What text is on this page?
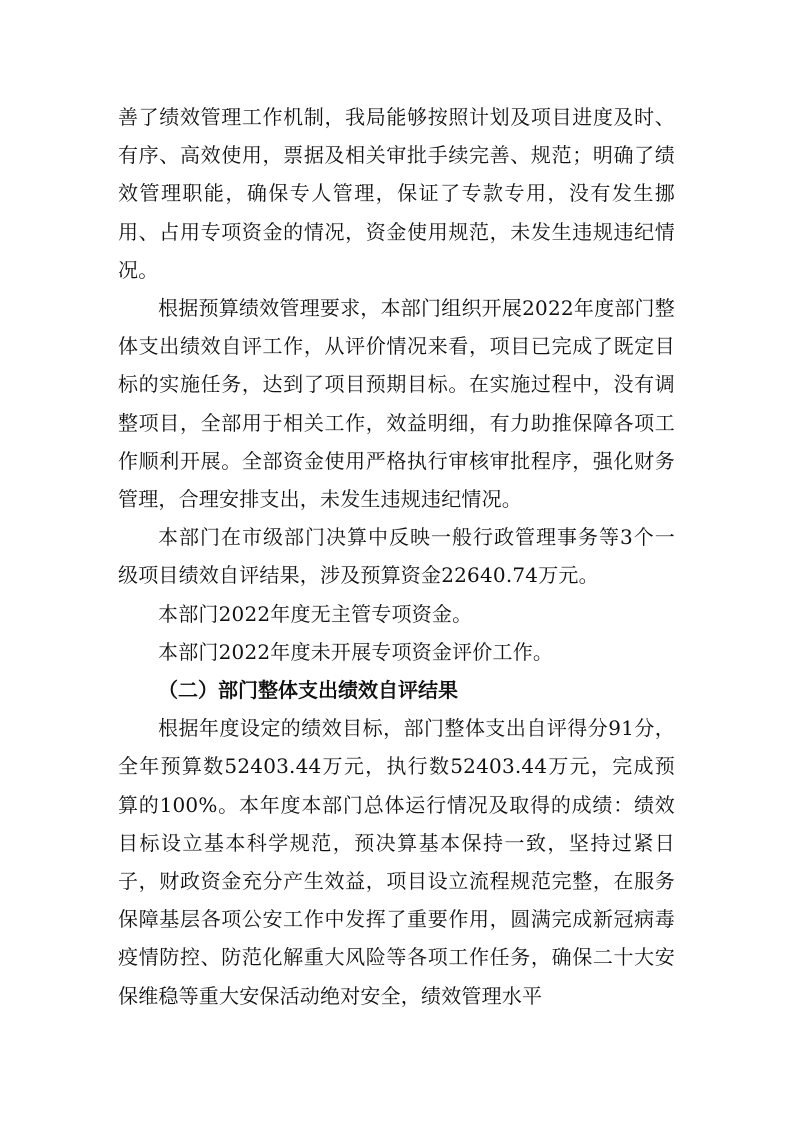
善了绩效管理工作机制，我局能够按照计划及项目进度及时、有序、高效使用，票据及相关审批手续完善、规范；明确了绩效管理职能，确保专人管理，保证了专款专用，没有发生挪用、占用专项资金的情况，资金使用规范，未发生违规违纪情况。

根据预算绩效管理要求，本部门组织开展2022年度部门整体支出绩效自评工作，从评价情况来看，项目已完成了既定目标的实施任务，达到了项目预期目标。在实施过程中，没有调整项目，全部用于相关工作，效益明细，有力助推保障各项工作顺利开展。全部资金使用严格执行审核审批程序，强化财务管理，合理安排支出，未发生违规违纪情况。

本部门在市级部门决算中反映一般行政管理事务等3个一级项目绩效自评结果，涉及预算资金22640.74万元。

本部门2022年度无主管专项资金。

本部门2022年度未开展专项资金评价工作。

（二）部门整体支出绩效自评结果

根据年度设定的绩效目标，部门整体支出自评得分91分，全年预算数52403.44万元，执行数52403.44万元，完成预算的100%。本年度本部门总体运行情况及取得的成绩：绩效目标设立基本科学规范，预决算基本保持一致，坚持过紧日子，财政资金充分产生效益，项目设立流程规范完整，在服务保障基层各项公安工作中发挥了重要作用，圆满完成新冠病毒疫情防控、防范化解重大风险等各项工作任务，确保二十大安保维稳等重大安保活动绝对安全，绩效管理水平
